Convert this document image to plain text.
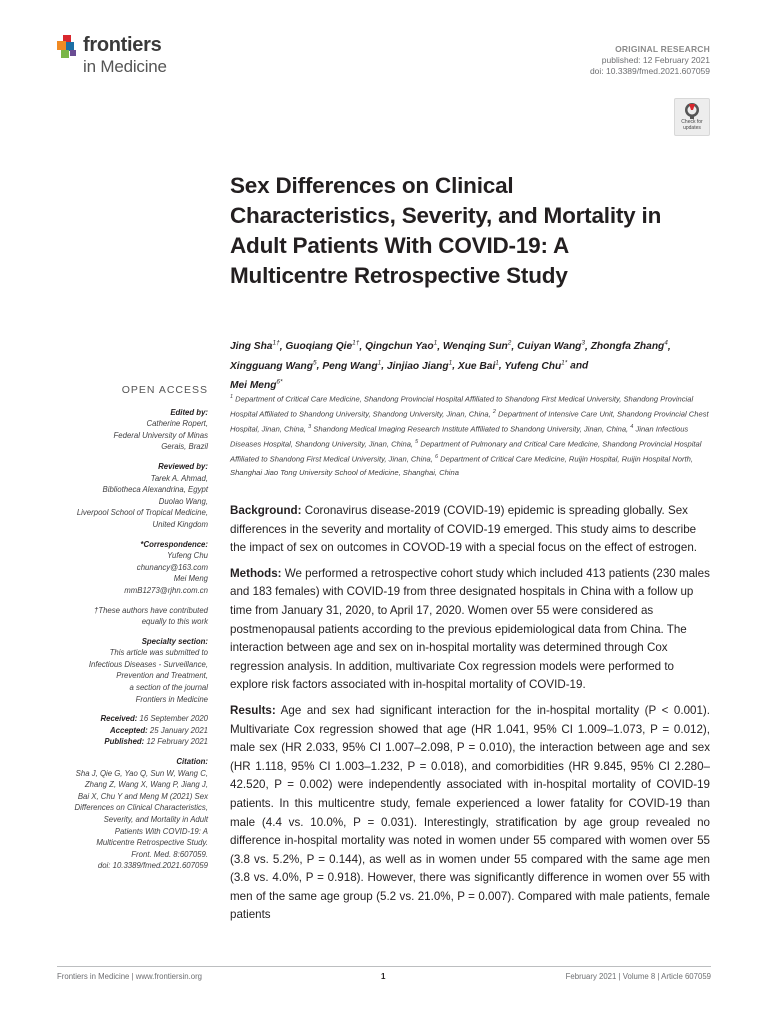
frontiers
in Medicine
ORIGINAL RESEARCH
published: 12 February 2021
doi: 10.3389/fmed.2021.607059
Check for updates
Sex Differences on Clinical Characteristics, Severity, and Mortality in Adult Patients With COVID-19: A Multicentre Retrospective Study
Jing Sha$^{1\dagger}$, Guoqiang Qie$^{1\dagger}$, Qingchun Yao$^1$, Wenqing Sun$^2$, Cuiyan Wang$^3$, Zhongfa Zhang$^4$,
Xingguang Wang$^5$, Peng Wang$^1$, Jinjiao Jiang$^1$, Xue Bai$^1$, Yufeng Chu$^{1*}$ and
Mei Meng$^{6*}$
$^1$ Department of Critical Care Medicine, Shandong Provincial Hospital Affiliated to Shandong First Medical University, Shandong Provincial Hospital Affiliated to Shandong University, Shandong University, Jinan, China, $^2$ Department of Intensive Care Unit, Shandong Provincial Chest Hospital, Jinan, China, $^3$ Shandong Medical Imaging Research Institute Affiliated to Shandong University, Jinan, China, $^4$ Jinan Infectious Diseases Hospital, Shandong University, Jinan, China, $^5$ Department of Pulmonary and Critical Care Medicine, Shandong Provincial Hospital Affiliated to Shandong First Medical University, Jinan, China, $^6$ Department of Critical Care Medicine, Ruijin Hospital, Ruijin Hospital North, Shanghai Jiao Tong University School of Medicine, Shanghai, China
OPEN ACCESS
Edited by:
Catherine Ropert,
Federal University of Minas
Gerais, Brazil
Reviewed by:
Tarek A. Ahmad,
Bibliotheca Alexandrina, Egypt
Duolao Wang,
Liverpool School of Tropical Medicine,
United Kingdom
*Correspondence:
Yufeng Chu
chunancy@163.com
Mei Meng
mmB1273@rjhn.com.cn
†These authors have contributed
equally to this work
Specialty section:
This article was submitted to
Infectious Diseases - Surveillance,
Prevention and Treatment,
a section of the journal
Frontiers in Medicine
Received: 16 September 2020
Accepted: 25 January 2021
Published: 12 February 2021
Citation:
Sha J, Qie G, Yao Q, Sun W, Wang C,
Zhang Z, Wang X, Wang P, Jiang J,
Bai X, Chu Y and Meng M (2021) Sex
Differences on Clinical Characteristics,
Severity, and Mortality in Adult
Patients With COVID-19: A
Multicentre Retrospective Study.
Front. Med. 8:607059.
doi: 10.3389/fmed.2021.607059

Background: Coronavirus disease-2019 (COVID-19) epidemic is spreading globally. Sex differences in the severity and mortality of COVID-19 emerged. This study aims to describe the impact of sex on outcomes in COVOD-19 with a special focus on the effect of estrogen.

Methods: We performed a retrospective cohort study which included 413 patients (230 males and 183 females) with COVID-19 from three designated hospitals in China with a follow up time from January 31, 2020, to April 17, 2020. Women over 55 were considered as postmenopausal patients according to the previous epidemiological data from China. The interaction between age and sex on in-hospital mortality was determined through Cox regression analysis. In addition, multivariate Cox regression models were performed to explore risk factors associated with in-hospital mortality of COVID-19.

Results: Age and sex had significant interaction for the in-hospital mortality (P < 0.001). Multivariate Cox regression showed that age (HR 1.041, 95% CI 1.009–1.073, P = 0.012), male sex (HR 2.033, 95% CI 1.007–2.098, P = 0.010), the interaction between age and sex (HR 1.118, 95% CI 1.003–1.232, P = 0.018), and comorbidities (HR 9.845, 95% CI 2.280–42.520, P = 0.002) were independently associated with in-hospital mortality of COVID-19 patients. In this multicentre study, female experienced a lower fatality for COVID-19 than male (4.4 vs. 10.0%, P = 0.031). Interestingly, stratification by age group revealed no difference in-hospital mortality was noted in women under 55 compared with women over 55 (3.8 vs. 5.2%, P = 0.144), as well as in women under 55 compared with the same age men (3.8 vs. 4.0%, P = 0.918). However, there was significantly difference in women over 55 with men of the same age group (5.2 vs. 21.0%, P = 0.007). Compared with male patients, female patients

Frontiers in Medicine | www.frontiersin.org	1	February 2021 | Volume 8 | Article 607059
